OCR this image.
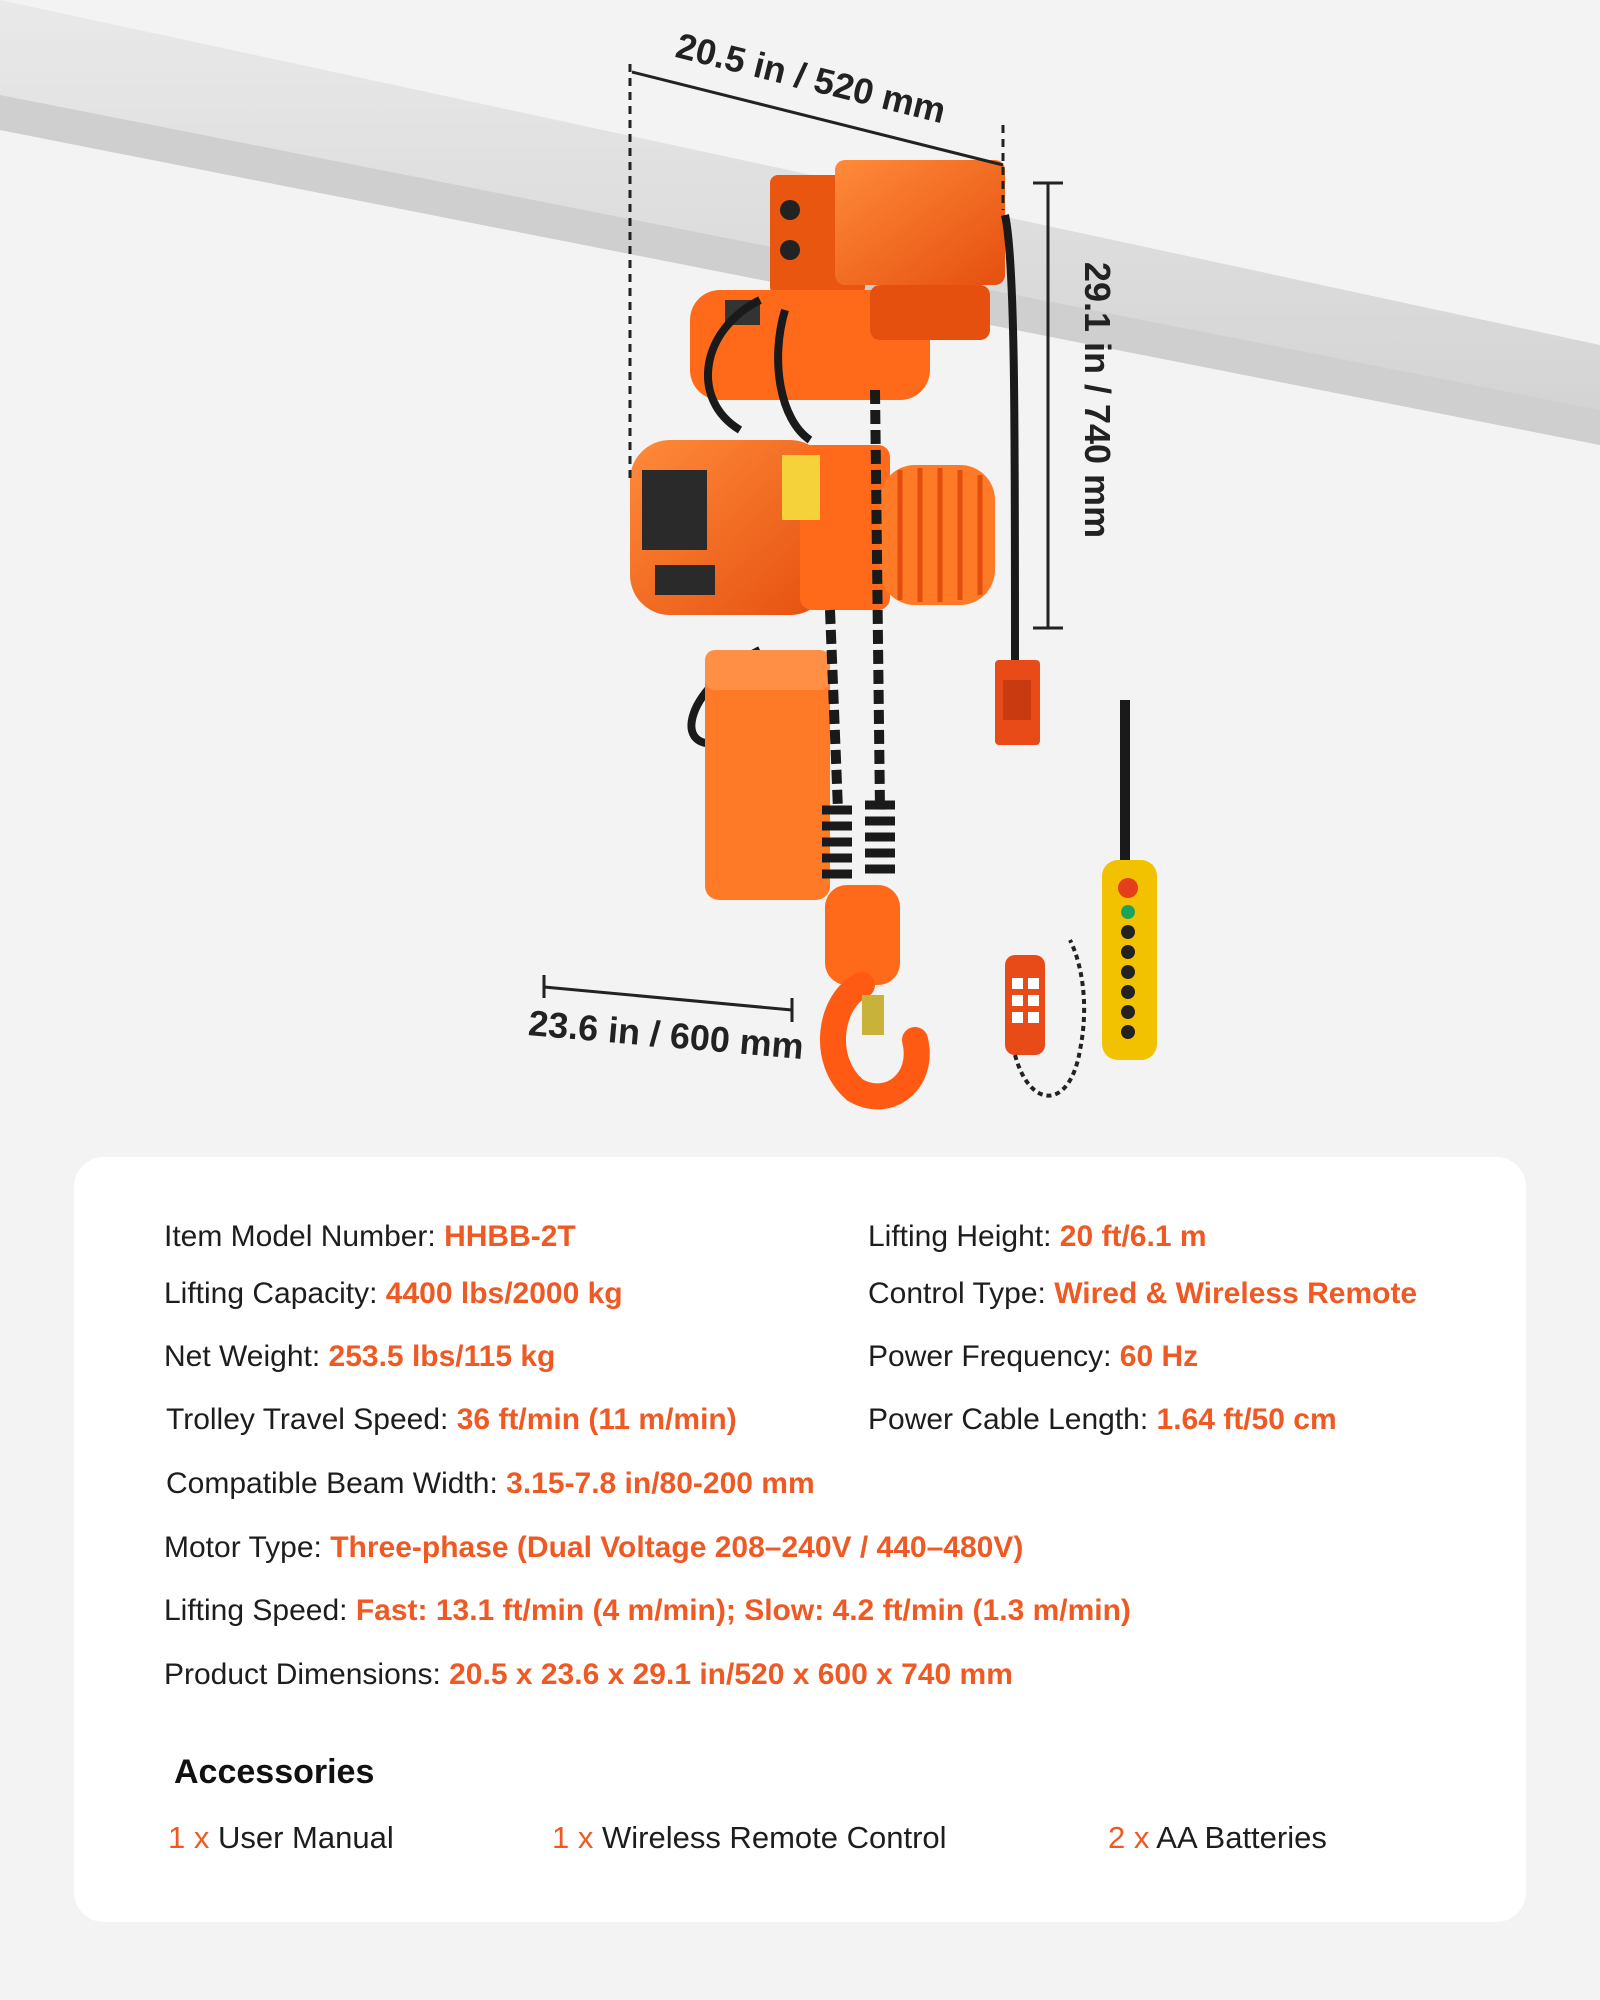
20.5 in / 520 mm
29.1 in / 740 mm
23.6 in / 600 mm
Item Model Number: HHBB-2T	Lifting Height: 20 ft/6.1 m
Lifting Capacity: 4400 lbs/2000 kg	Control Type: Wired & Wireless Remote
Net Weight: 253.5 lbs/115 kg	Power Frequency: 60 Hz
Trolley Travel Speed: 36 ft/min (11 m/min)	Power Cable Length: 1.64 ft/50 cm
Compatible Beam Width: 3.15-7.8 in/80-200 mm
Motor Type: Three-phase (Dual Voltage 208–240V / 440–480V)
Lifting Speed: Fast: 13.1 ft/min (4 m/min); Slow: 4.2 ft/min (1.3 m/min)
Product Dimensions: 20.5 x 23.6 x 29.1 in/520 x 600 x 740 mm
Accessories
1 x User Manual	1 x Wireless Remote Control	2 x AA Batteries
